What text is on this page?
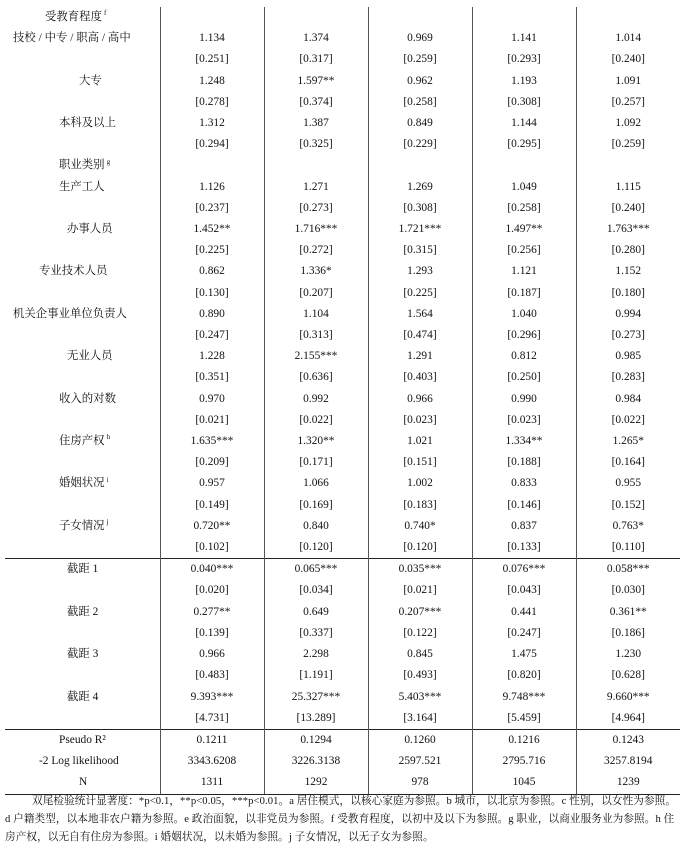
受教育程度 $^f$					
技校 / 中专 / 职高 / 高中	1.134	1.374	0.969	1.141	1.014
	[0.251]	[0.317]	[0.259]	[0.293]	[0.240]
大专	1.248	1.597**	0.962	1.193	1.091
	[0.278]	[0.374]	[0.258]	[0.308]	[0.257]
本科及以上	1.312	1.387	0.849	1.144	1.092
	[0.294]	[0.325]	[0.229]	[0.295]	[0.259]
职业类别 $^g$					
生产工人	1.126	1.271	1.269	1.049	1.115
	[0.237]	[0.273]	[0.308]	[0.258]	[0.240]
办事人员	1.452**	1.716***	1.721***	1.497**	1.763***
	[0.225]	[0.272]	[0.315]	[0.256]	[0.280]
专业技术人员	0.862	1.336*	1.293	1.121	1.152
	[0.130]	[0.207]	[0.225]	[0.187]	[0.180]
机关企事业单位负责人	0.890	1.104	1.564	1.040	0.994
	[0.247]	[0.313]	[0.474]	[0.296]	[0.273]
无业人员	1.228	2.155***	1.291	0.812	0.985
	[0.351]	[0.636]	[0.403]	[0.250]	[0.283]
收入的对数	0.970	0.992	0.966	0.990	0.984
	[0.021]	[0.022]	[0.023]	[0.023]	[0.022]
住房产权 $^h$	1.635***	1.320**	1.021	1.334**	1.265*
	[0.209]	[0.171]	[0.151]	[0.188]	[0.164]
婚姻状况 $^i$	0.957	1.066	1.002	0.833	0.955
	[0.149]	[0.169]	[0.183]	[0.146]	[0.152]
子女情况 $^j$	0.720**	0.840	0.740*	0.837	0.763*
	[0.102]	[0.120]	[0.120]	[0.133]	[0.110]
截距 1	0.040***	0.065***	0.035***	0.076***	0.058***
	[0.020]	[0.034]	[0.021]	[0.043]	[0.030]
截距 2	0.277**	0.649	0.207***	0.441	0.361**
	[0.139]	[0.337]	[0.122]	[0.247]	[0.186]
截距 3	0.966	2.298	0.845	1.475	1.230
	[0.483]	[1.191]	[0.493]	[0.820]	[0.628]
截距 4	9.393***	25.327***	5.403***	9.748***	9.660***
	[4.731]	[13.289]	[3.164]	[5.459]	[4.964]
Pseudo R²	0.1211	0.1294	0.1260	0.1216	0.1243
-2 Log likelihood	3343.6208	3226.3138	2597.521	2795.716	3257.8194
N	1311	1292	978	1045	1239
双尾检验统计显著度：*p<0.1，**p<0.05，***p<0.01。a 居住模式，以核心家庭为参照。b 城市，以北京为参照。c 性别，以女性为参照。d 户籍类型，以本地非农户籍为参照。e 政治面貌，以非党员为参照。f 受教育程度，以初中及以下为参照。g 职业，以商业服务业为参照。h 住房产权，以无自有住房为参照。i 婚姻状况，以未婚为参照。j 子女情况，以无子女为参照。
